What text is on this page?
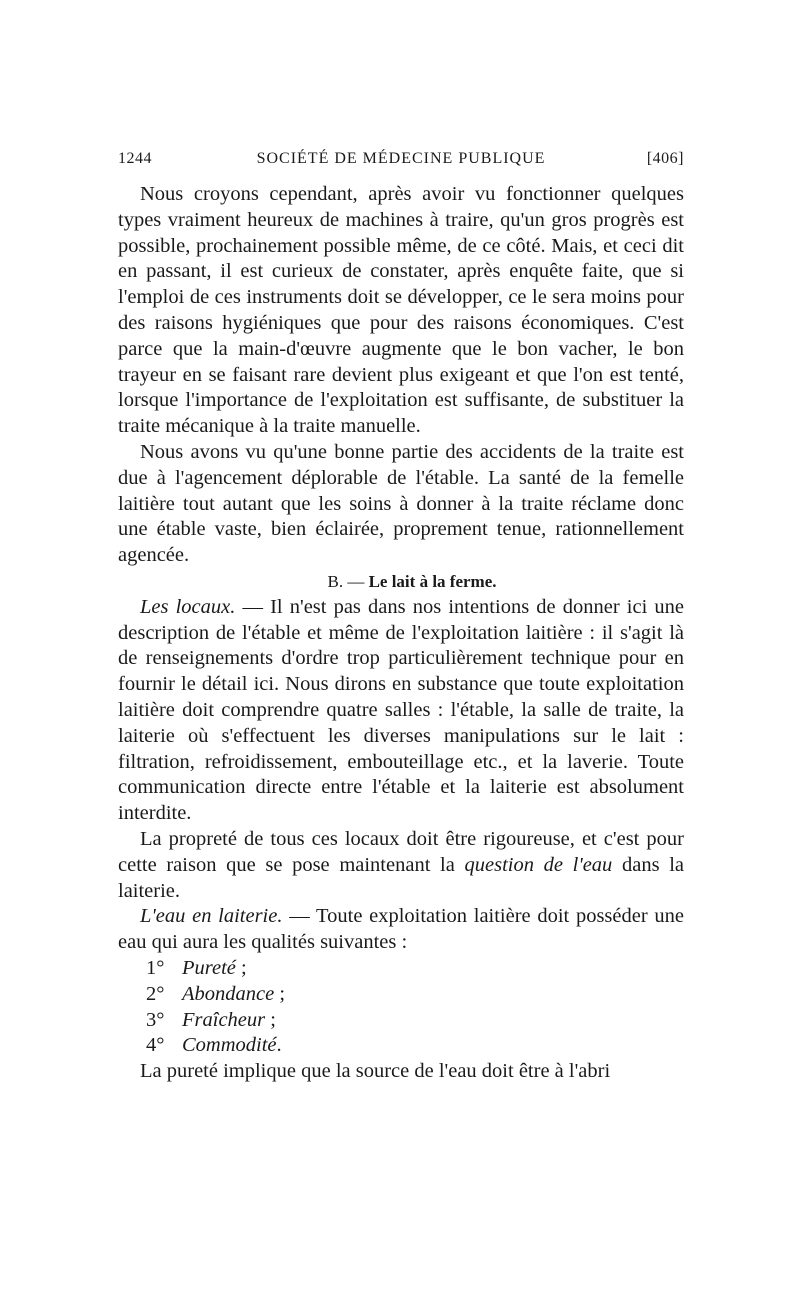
1244	SOCIÉTÉ DE MÉDECINE PUBLIQUE	[406]

Nous croyons cependant, après avoir vu fonctionner quelques types vraiment heureux de machines à traire, qu'un gros progrès est possible, prochainement possible même, de ce côté. Mais, et ceci dit en passant, il est curieux de constater, après enquête faite, que si l'emploi de ces instruments doit se développer, ce le sera moins pour des raisons hygiéniques que pour des raisons économiques. C'est parce que la main-d'œuvre augmente que le bon vacher, le bon trayeur en se faisant rare devient plus exigeant et que l'on est tenté, lorsque l'importance de l'exploitation est suffisante, de substituer la traite mécanique à la traite manuelle.

Nous avons vu qu'une bonne partie des accidents de la traite est due à l'agencement déplorable de l'étable. La santé de la femelle laitière tout autant que les soins à donner à la traite réclame donc une étable vaste, bien éclairée, proprement tenue, rationnellement agencée.

B. — Le lait à la ferme.

Les locaux. — Il n'est pas dans nos intentions de donner ici une description de l'étable et même de l'exploitation laitière : il s'agit là de renseignements d'ordre trop particulièrement technique pour en fournir le détail ici. Nous dirons en substance que toute exploitation laitière doit comprendre quatre salles : l'étable, la salle de traite, la laiterie où s'effectuent les diverses manipulations sur le lait : filtration, refroidissement, embouteillage etc., et la laverie. Toute communication directe entre l'étable et la laiterie est absolument interdite.

La propreté de tous ces locaux doit être rigoureuse, et c'est pour cette raison que se pose maintenant la question de l'eau dans la laiterie.

L'eau en laiterie. — Toute exploitation laitière doit posséder une eau qui aura les qualités suivantes :

1° Pureté ;
2° Abondance ;
3° Fraîcheur ;
4° Commodité.

La pureté implique que la source de l'eau doit être à l'abri
